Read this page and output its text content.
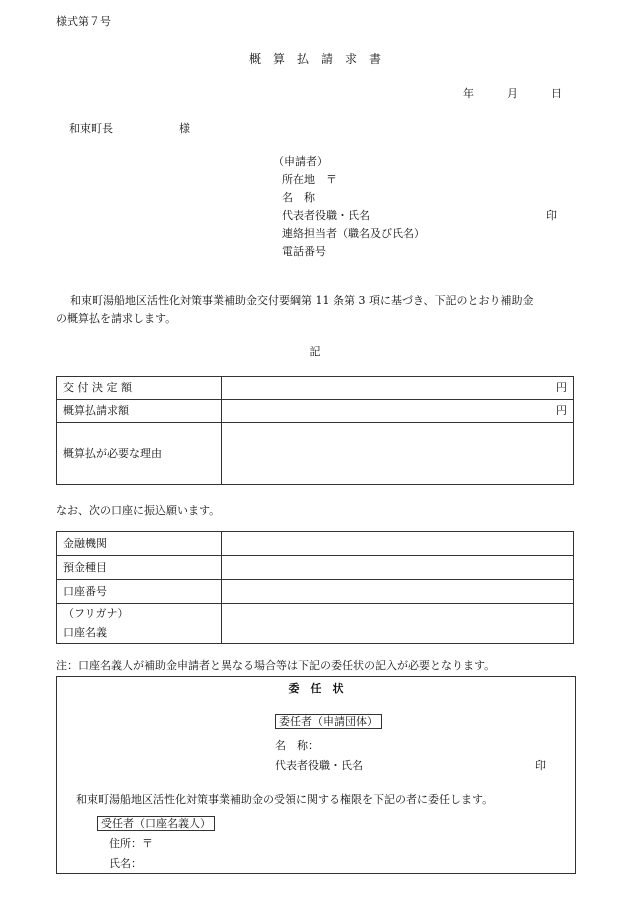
様式第７号
概　算　払　請　求　書
年　　　月　　　日
和束町長　　　　　　様
（申請者）
所在地　〒
名　称
代表者役職・氏名	印
連絡担当者（職名及び氏名）
電話番号
和束町湯船地区活性化対策事業補助金交付要綱第 11 条第 3 項に基づき、下記のとおり補助金
の概算払を請求します。
記
交 付 決 定 額	円
概算払請求額	円
概算払が必要な理由	
なお、次の口座に振込願います。
金融機関	
預金種目	
口座番号	

（フリガナ）
口座名義	

注：口座名義人が補助金申請者と異なる場合等は下記の委任状の記入が必要となります。
委　任　状
委任者（申請団体）
名　称：
代表者役職・氏名	印
和束町湯船地区活性化対策事業補助金の受領に関する権限を下記の者に委任します。
受任者（口座名義人）
住所：〒
氏名：
